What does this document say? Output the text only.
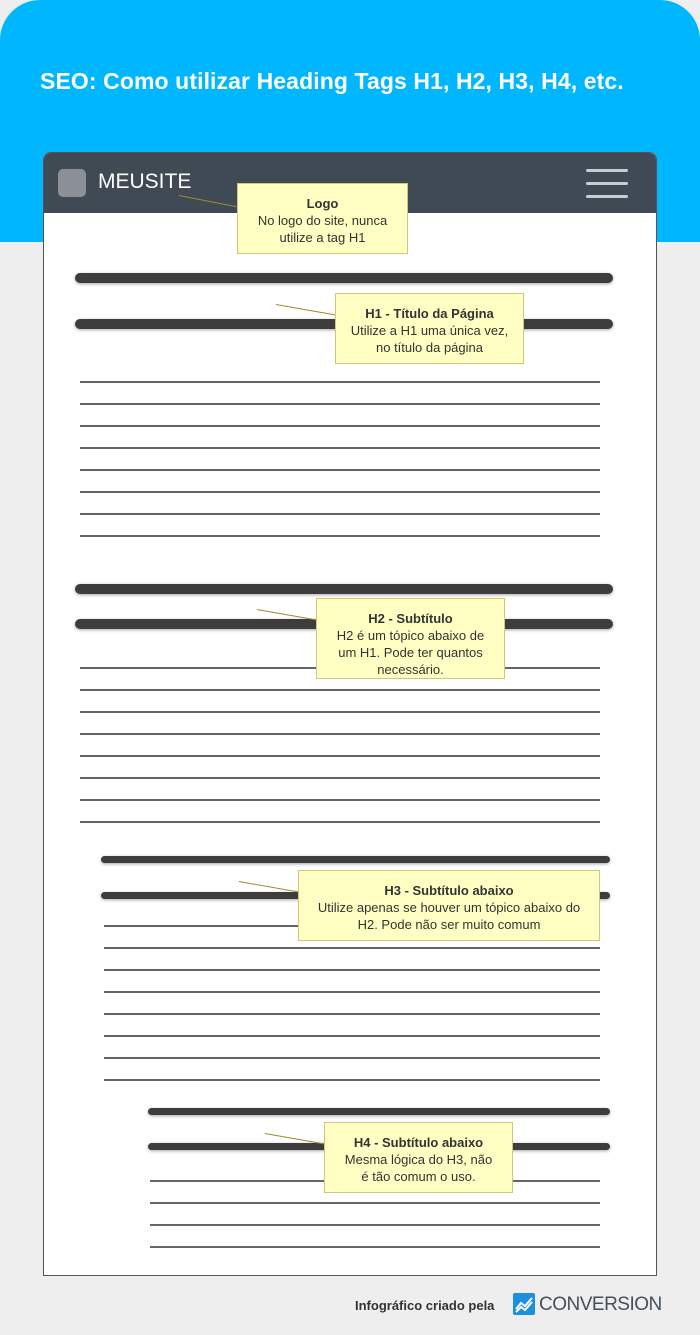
SEO: Como utilizar Heading Tags H1, H2, H3, H4, etc.
MEUSITE
Logo
No logo do site, nunca utilize a tag H1
H1 - Título da Página
Utilize a H1 uma única vez, no título da página
H2 - Subtítulo
H2 é um tópico abaixo de um H1. Pode ter quantos necessário.
H3 - Subtítulo abaixo
Utilize apenas se houver um tópico abaixo do H2. Pode não ser muito comum
H4 - Subtítulo abaixo
Mesma lógica do H3, não é tão comum o uso.
Infográfico criado pela CONVERSION
